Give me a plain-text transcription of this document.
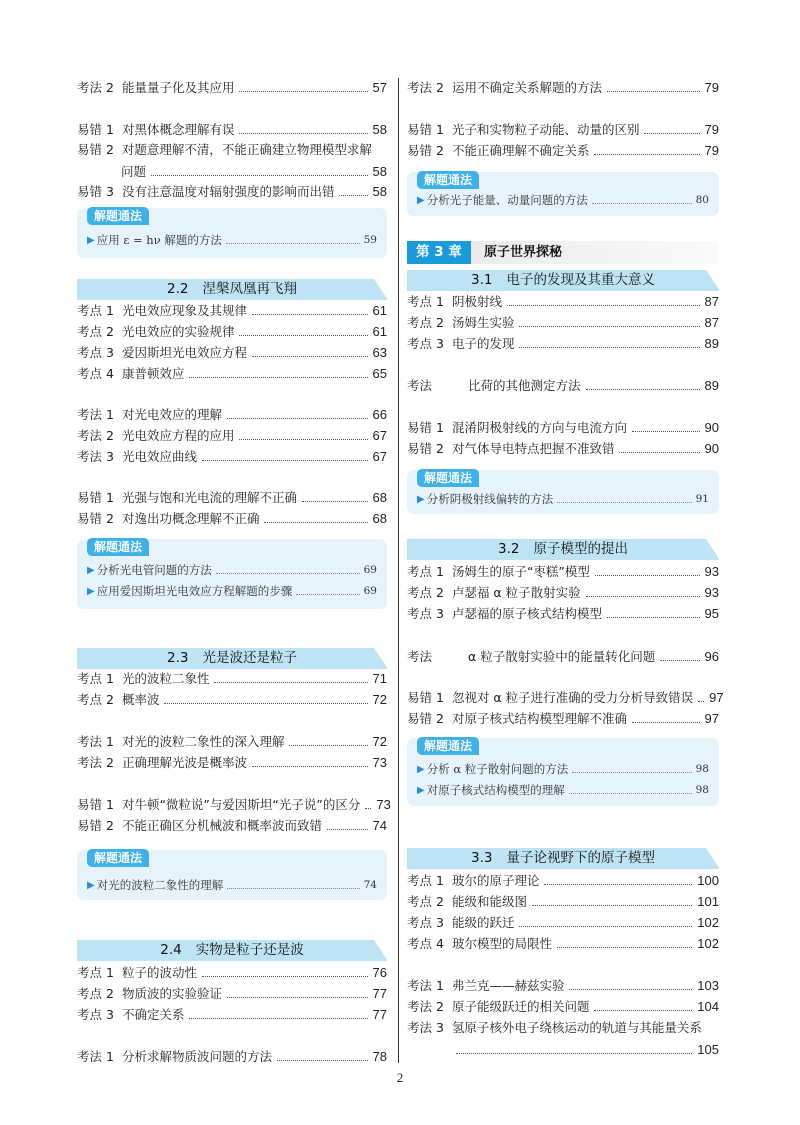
考法 2 能量量子化及其应用	57
易错 1 对黑体概念理解有误	58
易错 2 对题意理解不清，不能正确建立物理模型求解
问题	58
易错 3 没有注意温度对辐射强度的影响而出错	58
解题通法
▶ 应用 ε = hν 解题的方法	59
2.2 涅槃凤凰再飞翔
考点 1 光电效应现象及其规律	61
考点 2 光电效应的实验规律	61
考点 3 爱因斯坦光电效应方程	63
考点 4 康普顿效应	65
考法 1 对光电效应的理解	66
考法 2 光电效应方程的应用	67
考法 3 光电效应曲线	67
易错 1 光强与饱和光电流的理解不正确	68
易错 2 对逸出功概念理解不正确	68
解题通法
▶ 分析光电管问题的方法	69
▶ 应用爱因斯坦光电效应方程解题的步骤	69
2.3 光是波还是粒子
考点 1 光的波粒二象性	71
考点 2 概率波	72
考法 1 对光的波粒二象性的深入理解	72
考法 2 正确理解光波是概率波	73
易错 1 对牛顿“微粒说”与爱因斯坦“光子说”的区分 73
易错 2 不能正确区分机械波和概率波而致错	74
解题通法
▶ 对光的波粒二象性的理解	74
2.4 实物是粒子还是波
考点 1 粒子的波动性	76
考点 2 物质波的实验验证	77
考点 3 不确定关系	77
考法 1 分析求解物质波问题的方法	78
考法 2 运用不确定关系解题的方法	79
易错 1 光子和实物粒子动能、动量的区别	79
易错 2 不能正确理解不确定关系	79
解题通法
▶ 分析光子能量、动量问题的方法	80
第 3 章	原子世界探秘
3.1 电子的发现及其重大意义
考点 1 阴极射线	87
考点 2 汤姆生实验	87
考点 3 电子的发现	89
考法	比荷的其他测定方法	89
易错 1 混淆阴极射线的方向与电流方向	90
易错 2 对气体导电特点把握不准致错	90
解题通法
▶ 分析阴极射线偏转的方法	91
3.2 原子模型的提出
考点 1 汤姆生的原子“枣糕”模型	93
考点 2 卢瑟福 α 粒子散射实验	93
考点 3 卢瑟福的原子核式结构模型	95
考法	α 粒子散射实验中的能量转化问题	96
易错 1 忽视对 α 粒子进行准确的受力分析导致错误 97
易错 2 对原子核式结构模型理解不准确	97
解题通法
▶ 分析 α 粒子散射问题的方法	98
▶ 对原子核式结构模型的理解	98
3.3 量子论视野下的原子模型
考点 1 玻尔的原子理论	100
考点 2 能级和能级图	101
考点 3 能级的跃迁	102
考点 4 玻尔模型的局限性	102
考法 1 弗兰克——赫兹实验	103
考法 2 原子能级跃迁的相关问题	104
考法 3 氢原子核外电子绕核运动的轨道与其能量关系
105
2
